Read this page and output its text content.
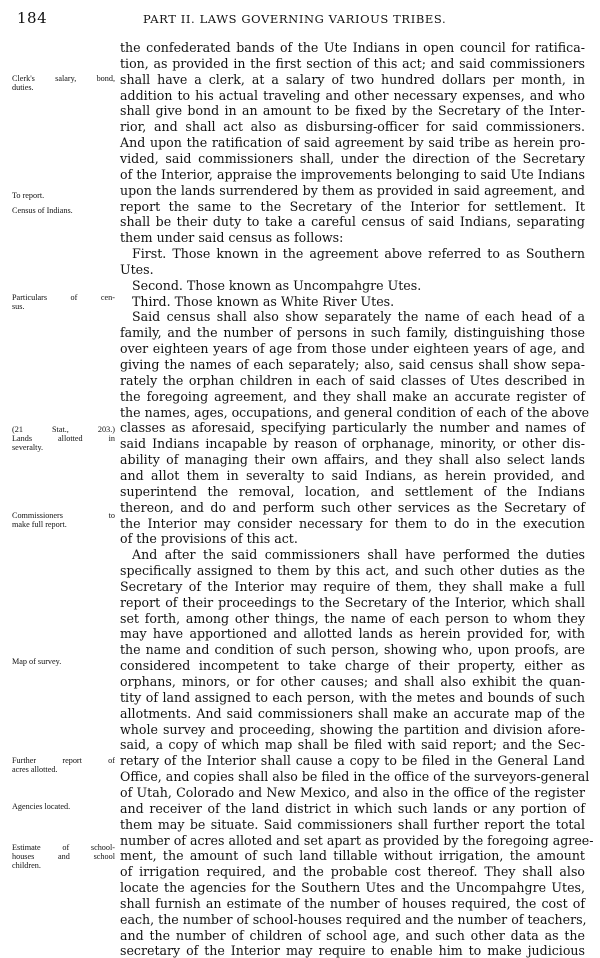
184	PART II. LAWS GOVERNING VARIOUS TRIBES.
the confederated bands of the Ute Indians in open council for ratifica-
tion, as provided in the first section of this act; and said commissioners
shall have a clerk, at a salary of two hundred dollars per month, in
addition to his actual traveling and other necessary expenses, and who
shall give bond in an amount to be fixed by the Secretary of the Inter-
rior, and shall act also as disbursing-officer for said commissioners.
And upon the ratification of said agreement by said tribe as herein pro-
vided, said commissioners shall, under the direction of the Secretary
of the Interior, appraise the improvements belonging to said Ute Indians
upon the lands surrendered by them as provided in said agreement, and
report the same to the Secretary of the Interior for settlement. It
shall be their duty to take a careful census of said Indians, separating
them under said census as follows:
First. Those known in the agreement above referred to as Southern
Utes.
Second. Those known as Uncompahgre Utes.
Third. Those known as White River Utes.
Said census shall also show separately the name of each head of a
family, and the number of persons in such family, distinguishing those
over eighteen years of age from those under eighteen years of age, and
giving the names of each separately; also, said census shall show sepa-
rately the orphan children in each of said classes of Utes described in
the foregoing agreement, and they shall make an accurate register of
the names, ages, occupations, and general condition of each of the above
classes as aforesaid, specifying particularly the number and names of
said Indians incapable by reason of orphanage, minority, or other dis-
ability of managing their own affairs, and they shall also select lands
and allot them in severalty to said Indians, as herein provided, and
superintend the removal, location, and settlement of the Indians
thereon, and do and perform such other services as the Secretary of
the Interior may consider necessary for them to do in the execution
of the provisions of this act.
And after the said commissioners shall have performed the duties
specifically assigned to them by this act, and such other duties as the
Secretary of the Interior may require of them, they shall make a full
report of their proceedings to the Secretary of the Interior, which shall
set forth, among other things, the name of each person to whom they
may have apportioned and allotted lands as herein provided for, with
the name and condition of such person, showing who, upon proofs, are
considered incompetent to take charge of their property, either as
orphans, minors, or for other causes; and shall also exhibit the quan-
tity of land assigned to each person, with the metes and bounds of such
allotments. And said commissioners shall make an accurate map of the
whole survey and proceeding, showing the partition and division afore-
said, a copy of which map shall be filed with said report; and the Sec-
retary of the Interior shall cause a copy to be filed in the General Land
Office, and copies shall also be filed in the office of the surveyors-general
of Utah, Colorado and New Mexico, and also in the office of the register
and receiver of the land district in which such lands or any portion of
them may be situate. Said commissioners shall further report the total
number of acres alloted and set apart as provided by the foregoing agree-
ment, the amount of such land tillable without irrigation, the amount
of irrigation required, and the probable cost thereof. They shall also
locate the agencies for the Southern Utes and the Uncompahgre Utes,
shall furnish an estimate of the number of houses required, the cost of
each, the number of school-houses required and the number of teachers,
and the number of children of school age, and such other data as the
secretary of the Interior may require to enable him to make judicious
Clerk's salary, bond,
duties.
To report.
Census of Indians.
Particulars of cen-
sus.
(21 Stat., 203.)
Lands allotted in
severalty.
Commissioners to
make full report.
Map of survey.
Further report of
acres allotted.
Agencies located.
Estimate of school-
houses and school
children.
